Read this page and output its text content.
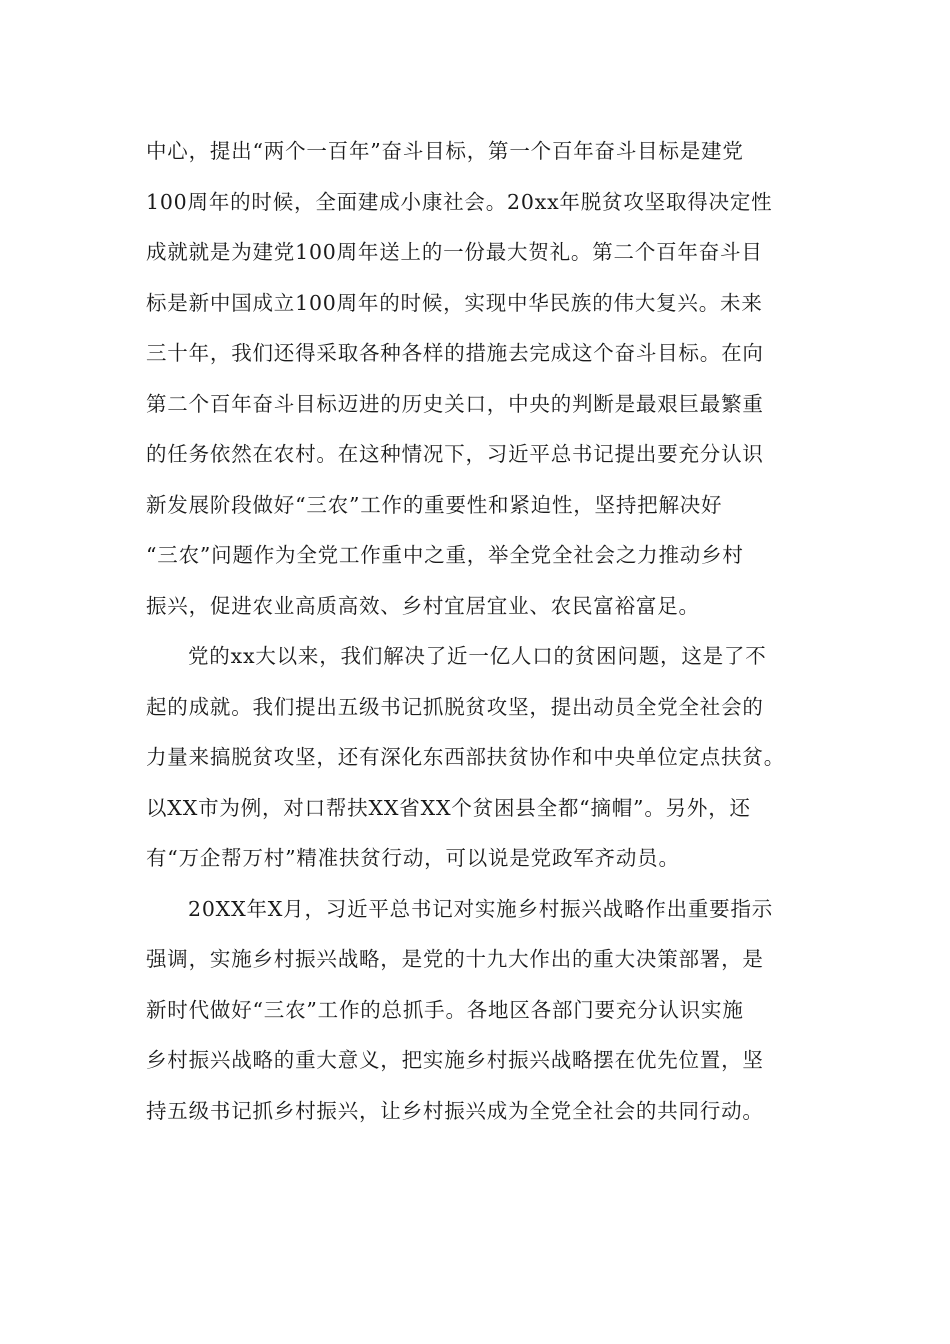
中心，提出“两个一百年”奋斗目标，第一个百年奋斗目标是建党
100周年的时候，全面建成小康社会。20xx年脱贫攻坚取得决定性
成就就是为建党100周年送上的一份最大贺礼。第二个百年奋斗目
标是新中国成立100周年的时候，实现中华民族的伟大复兴。未来
三十年，我们还得采取各种各样的措施去完成这个奋斗目标。在向
第二个百年奋斗目标迈进的历史关口，中央的判断是最艰巨最繁重
的任务依然在农村。在这种情况下，习近平总书记提出要充分认识
新发展阶段做好“三农”工作的重要性和紧迫性，坚持把解决好
“三农”问题作为全党工作重中之重，举全党全社会之力推动乡村
振兴，促进农业高质高效、乡村宜居宜业、农民富裕富足。
党的xx大以来，我们解决了近一亿人口的贫困问题，这是了不
起的成就。我们提出五级书记抓脱贫攻坚，提出动员全党全社会的
力量来搞脱贫攻坚，还有深化东西部扶贫协作和中央单位定点扶贫。
以XX市为例，对口帮扶XX省XX个贫困县全都“摘帽”。另外，还
有“万企帮万村”精准扶贫行动，可以说是党政军齐动员。
20XX年X月，习近平总书记对实施乡村振兴战略作出重要指示
强调，实施乡村振兴战略，是党的十九大作出的重大决策部署，是
新时代做好“三农”工作的总抓手。各地区各部门要充分认识实施
乡村振兴战略的重大意义，把实施乡村振兴战略摆在优先位置，坚
持五级书记抓乡村振兴，让乡村振兴成为全党全社会的共同行动。
